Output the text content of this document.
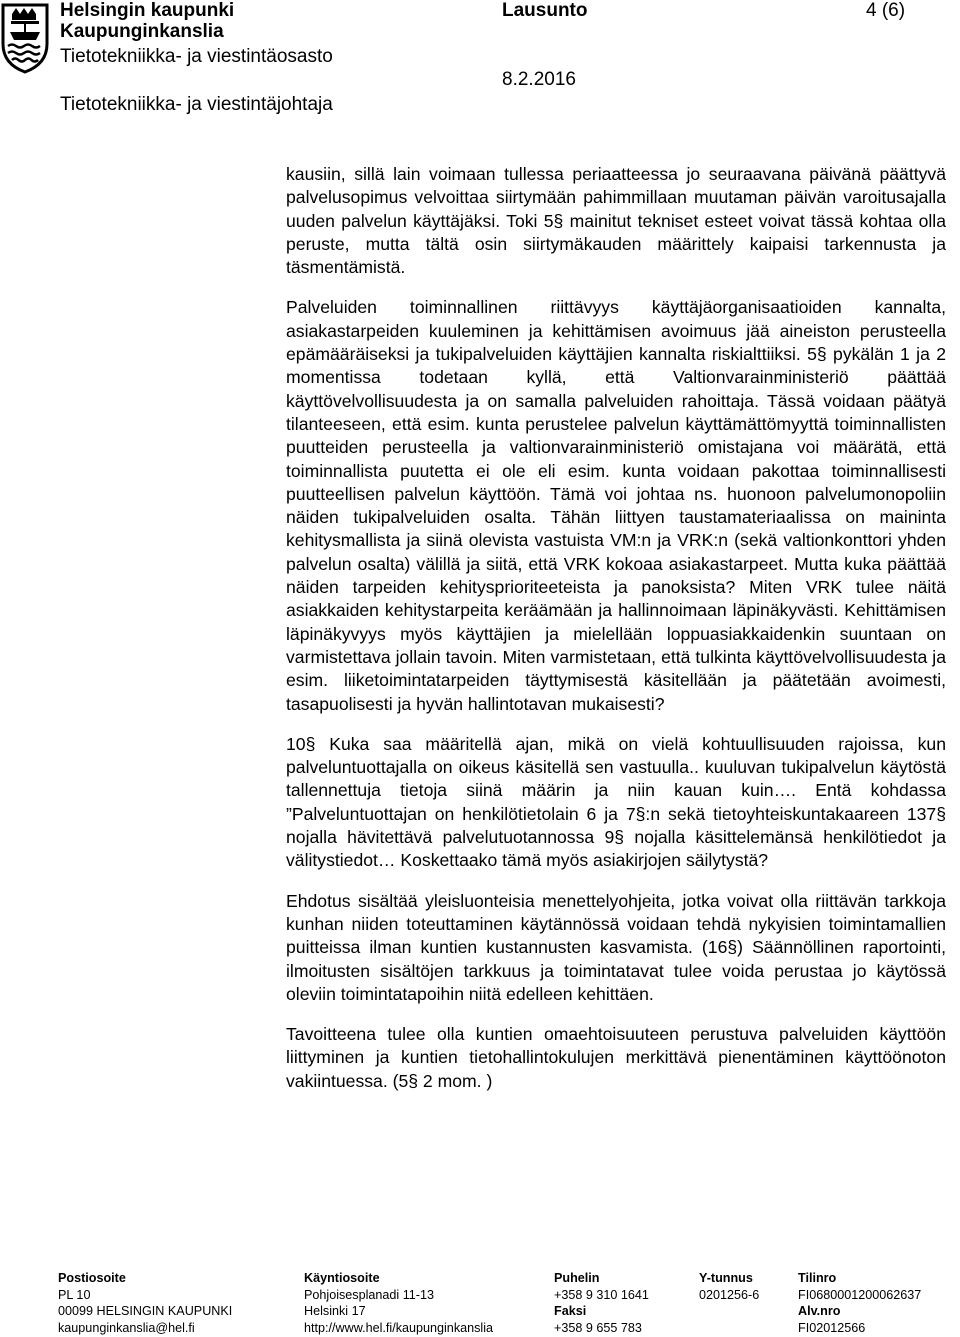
Helsingin kaupunki
Kaupunginkanslia
Tietotekniikka- ja viestintäosasto
Lausunto	4 (6)
8.2.2016
Tietotekniikka- ja viestintäjohtaja

kausiin, sillä lain voimaan tullessa periaatteessa jo seuraavana päivänä päättyvä palvelusopimus velvoittaa siirtymään pahimmillaan muutaman päivän varoitusajalla uuden palvelun käyttäjäksi. Toki 5§ mainitut tekniset esteet voivat tässä kohtaa olla peruste, mutta tältä osin siirtymäkauden määrittely kaipaisi tarkennusta ja täsmentämistä.

Palveluiden toiminnallinen riittävyys käyttäjäorganisaatioiden kannalta, asiakastarpeiden kuuleminen ja kehittämisen avoimuus jää aineiston perusteella epämääräiseksi ja tukipalveluiden käyttäjien kannalta riskialttiiksi. 5§ pykälän 1 ja 2 momentissa todetaan kyllä, että Valtionvarainministeriö päättää käyttövelvollisuudesta ja on samalla palveluiden rahoittaja. Tässä voidaan päätyä tilanteeseen, että esim. kunta perustelee palvelun käyttämättömyyttä toiminnallisten puutteiden perusteella ja valtionvarainministeriö omistajana voi määrätä, että toiminnallista puutetta ei ole eli esim. kunta voidaan pakottaa toiminnallisesti puutteellisen palvelun käyttöön. Tämä voi johtaa ns. huonoon palvelumonopoliin näiden tukipalveluiden osalta. Tähän liittyen taustamateriaalissa on maininta kehitysmallista ja siinä olevista vastuista VM:n ja VRK:n (sekä valtionkonttori yhden palvelun osalta) välillä ja siitä, että VRK kokoaa asiakastarpeet. Mutta kuka päättää näiden tarpeiden kehitysprioriteeteista ja panoksista? Miten VRK tulee näitä asiakkaiden kehitystarpeita keräämään ja hallinnoimaan läpinäkyvästi. Kehittämisen läpinäkyvyys myös käyttäjien ja mielellään loppuasiakkaidenkin suuntaan on varmistettava jollain tavoin. Miten varmistetaan, että tulkinta käyttövelvollisuudesta ja esim. liiketoimintatarpeiden täyttymisestä käsitellään ja päätetään avoimesti, tasapuolisesti ja hyvän hallintotavan mukaisesti?

10§ Kuka saa määritellä ajan, mikä on vielä kohtuullisuuden rajoissa, kun palveluntuottajalla on oikeus käsitellä sen vastuulla.. kuuluvan tukipalvelun käytöstä tallennettuja tietoja siinä määrin ja niin kauan kuin…. Entä kohdassa ”Palveluntuottajan on henkilötietolain 6 ja 7§:n sekä tietoyhteiskuntakaareen 137§ nojalla hävitettävä palvelutuotannossa 9§ nojalla käsittelemänsä henkilötiedot ja välitystiedot… Koskettaako tämä myös asiakirjojen säilytystä?

Ehdotus sisältää yleisluonteisia menettelyohjeita, jotka voivat olla riittävän tarkkoja kunhan niiden toteuttaminen käytännössä voidaan tehdä nykyisien toimintamallien puitteissa ilman kuntien kustannusten kasvamista. (16§) Säännöllinen raportointi, ilmoitusten sisältöjen tarkkuus ja toimintatavat tulee voida perustaa jo käytössä oleviin toimintatapoihin niitä edelleen kehittäen.

Tavoitteena tulee olla kuntien omaehtoisuuteen perustuva palveluiden käyttöön liittyminen ja kuntien tietohallintokulujen merkittävä pienentäminen käyttöönoton vakiintuessa. (5§ 2 mom. )

Postiosoite
PL 10
00099 HELSINGIN KAUPUNKI
kaupunginkanslia@hel.fi
Käyntiosoite
Pohjoisesplanadi 11-13
Helsinki 17
http://www.hel.fi/kaupunginkanslia
Puhelin
+358 9 310 1641
Faksi
+358 9 655 783
Y-tunnus
0201256-6
Tilinro
FI0680001200062637
Alv.nro
FI02012566
